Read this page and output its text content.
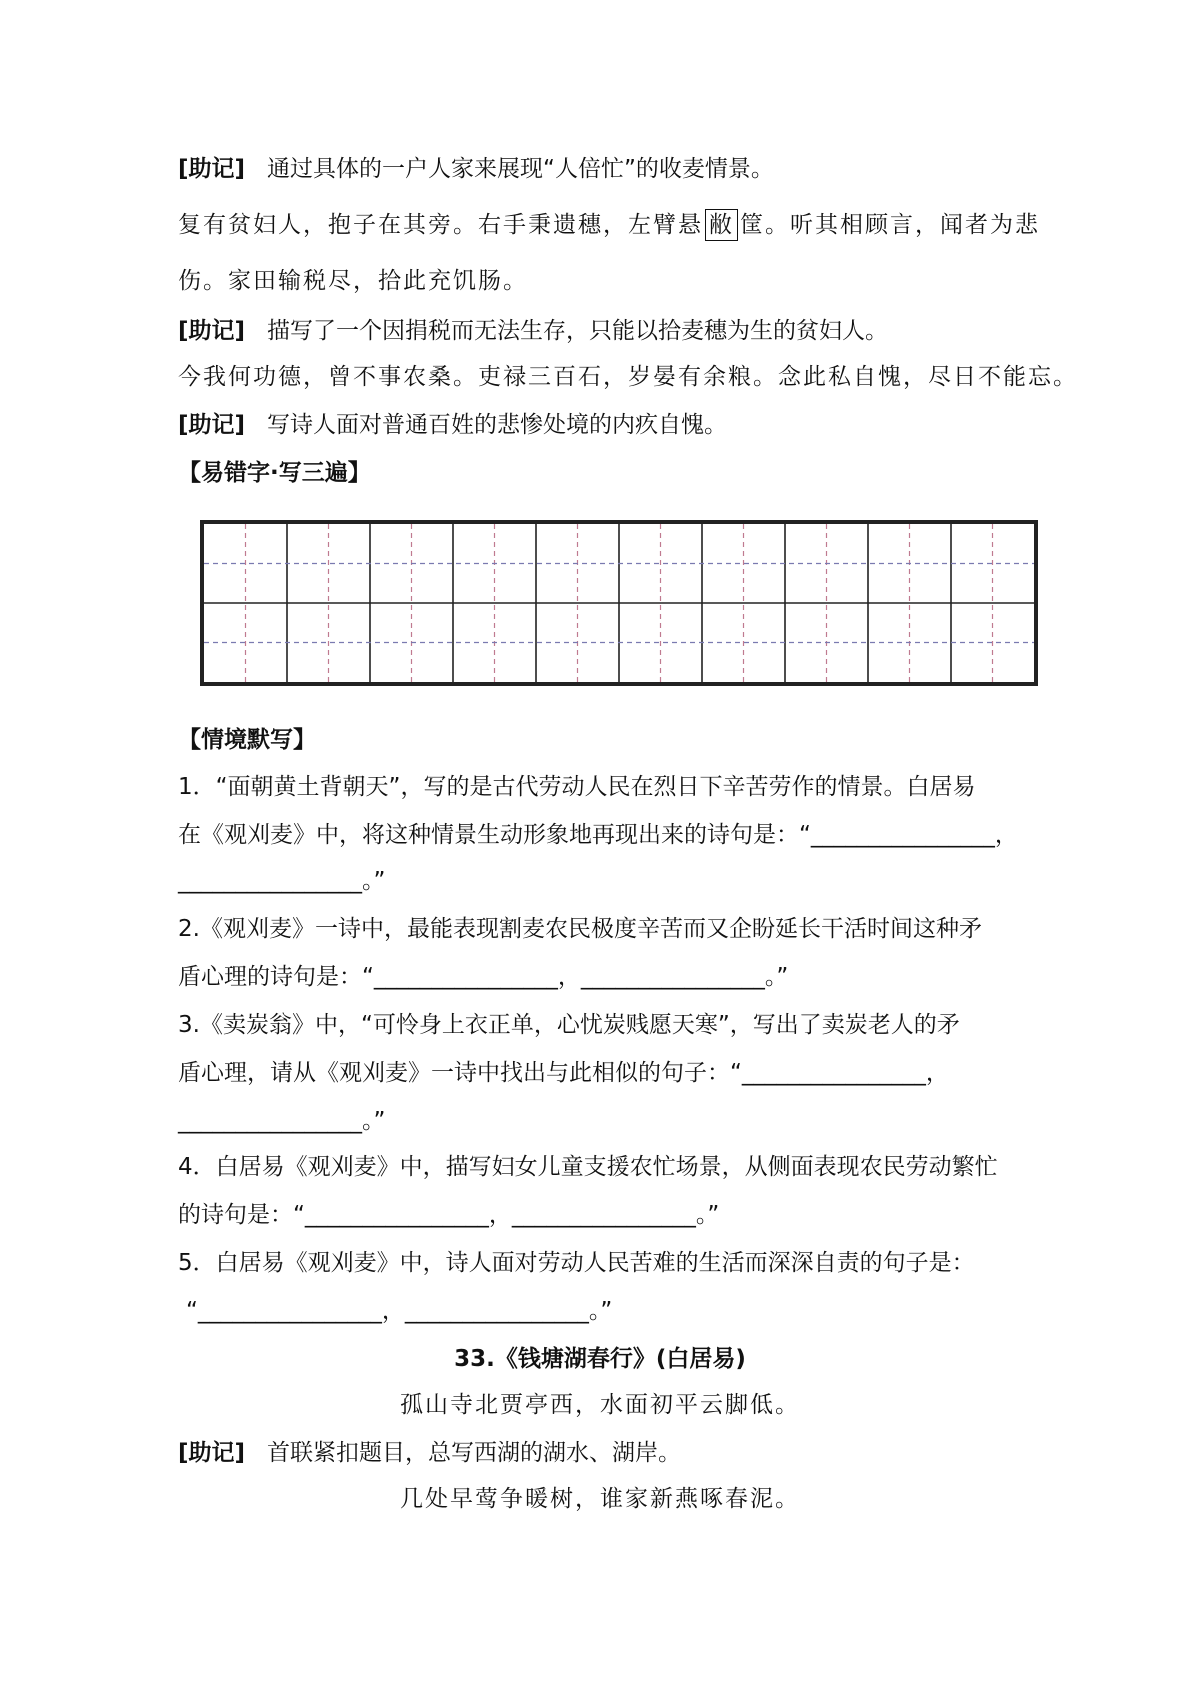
[助记] 通过具体的一户人家来展现“人倍忙”的收麦情景。
复有贫妇人，抱子在其旁。右手秉遗穗，左臂悬 敝 筐。听其相顾言，闻者为悲
伤。家田输税尽，拾此充饥肠。
[助记] 描写了一个因捐税而无法生存，只能以拾麦穗为生的贫妇人。
今我何功德，曾不事农桑。吏禄三百石，岁晏有余粮。念此私自愧，尽日不能忘。
[助记] 写诗人面对普通百姓的悲惨处境的内疚自愧。
【易错字·写三遍】
【情境默写】
1．“面朝黄土背朝天”，写的是古代劳动人民在烈日下辛苦劳作的情景。白居易
在《观刈麦》中，将这种情景生动形象地再现出来的诗句是：“________________，
________________。”
2.《观刈麦》一诗中，最能表现割麦农民极度辛苦而又企盼延长干活时间这种矛
盾心理的诗句是：“________________，________________。”
3.《卖炭翁》中，“可怜身上衣正单，心忧炭贱愿天寒”，写出了卖炭老人的矛
盾心理，请从《观刈麦》一诗中找出与此相似的句子：“________________，
________________。”
4．白居易《观刈麦》中，描写妇女儿童支援农忙场景，从侧面表现农民劳动繁忙
的诗句是：“________________，________________。”
5．白居易《观刈麦》中，诗人面对劳动人民苦难的生活而深深自责的句子是：
“________________，________________。”
33.《钱塘湖春行》(白居易)
孤山寺北贾亭西，水面初平云脚低。
[助记] 首联紧扣题目，总写西湖的湖水、湖岸。
几处早莺争暖树，谁家新燕啄春泥。
